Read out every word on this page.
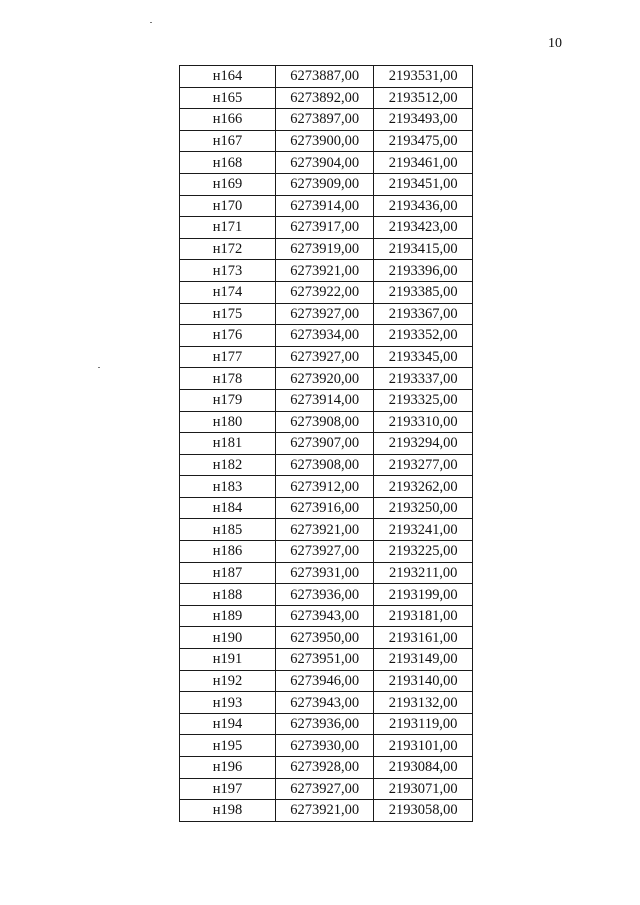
10
н164	6273887,00	2193531,00
н165	6273892,00	2193512,00
н166	6273897,00	2193493,00
н167	6273900,00	2193475,00
н168	6273904,00	2193461,00
н169	6273909,00	2193451,00
н170	6273914,00	2193436,00
н171	6273917,00	2193423,00
н172	6273919,00	2193415,00
н173	6273921,00	2193396,00
н174	6273922,00	2193385,00
н175	6273927,00	2193367,00
н176	6273934,00	2193352,00
н177	6273927,00	2193345,00
н178	6273920,00	2193337,00
н179	6273914,00	2193325,00
н180	6273908,00	2193310,00
н181	6273907,00	2193294,00
н182	6273908,00	2193277,00
н183	6273912,00	2193262,00
н184	6273916,00	2193250,00
н185	6273921,00	2193241,00
н186	6273927,00	2193225,00
н187	6273931,00	2193211,00
н188	6273936,00	2193199,00
н189	6273943,00	2193181,00
н190	6273950,00	2193161,00
н191	6273951,00	2193149,00
н192	6273946,00	2193140,00
н193	6273943,00	2193132,00
н194	6273936,00	2193119,00
н195	6273930,00	2193101,00
н196	6273928,00	2193084,00
н197	6273927,00	2193071,00
н198	6273921,00	2193058,00
